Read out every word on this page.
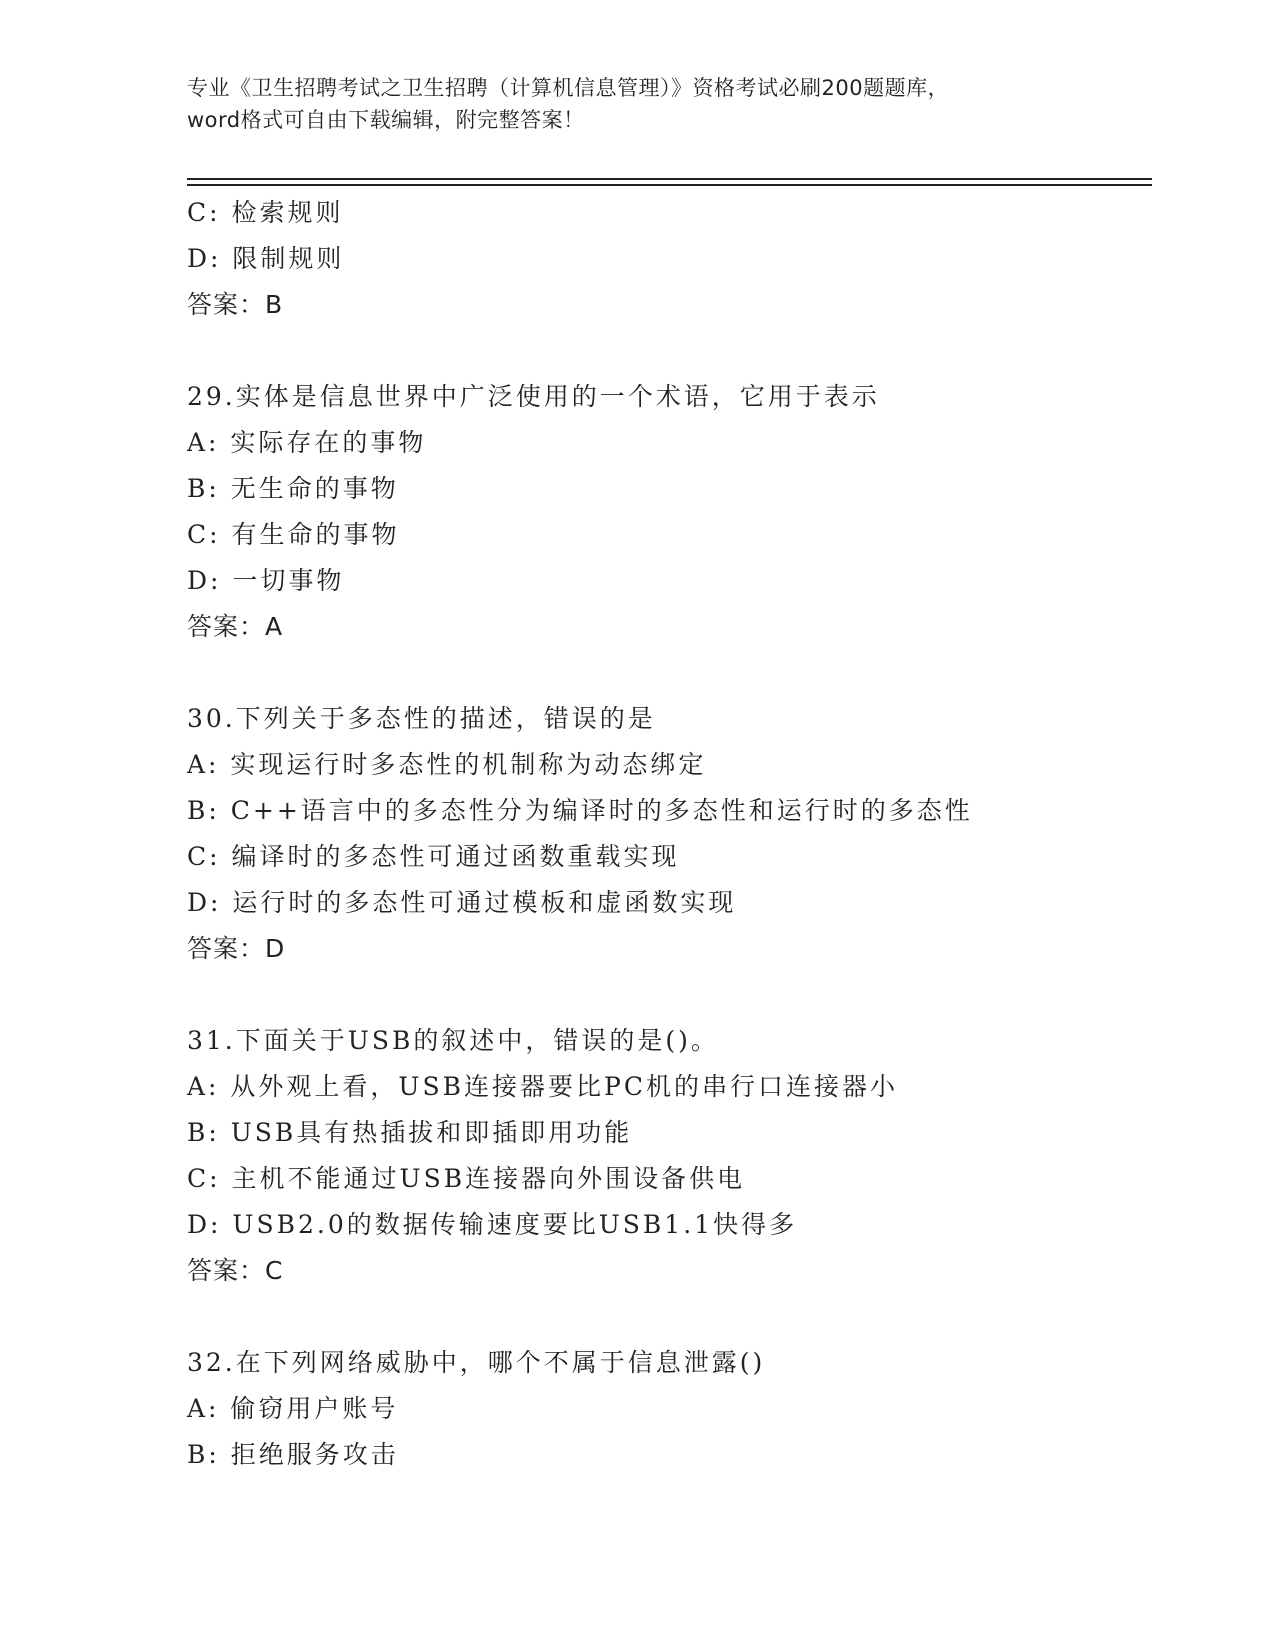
专业《卫生招聘考试之卫生招聘（计算机信息管理）》资格考试必刷200题题库，

word格式可自由下载编辑，附完整答案！

C: 检索规则
D: 限制规则
答案：B
29.实体是信息世界中广泛使用的一个术语，它用于表示
A: 实际存在的事物
B: 无生命的事物
C: 有生命的事物
D: 一切事物
答案：A
30.下列关于多态性的描述，错误的是
A: 实现运行时多态性的机制称为动态绑定
B: C++语言中的多态性分为编译时的多态性和运行时的多态性
C: 编译时的多态性可通过函数重载实现
D: 运行时的多态性可通过模板和虚函数实现
答案：D
31.下面关于USB的叙述中，错误的是()。
A: 从外观上看，USB连接器要比PC机的串行口连接器小
B: USB具有热插拔和即插即用功能
C: 主机不能通过USB连接器向外围设备供电
D: USB2.0的数据传输速度要比USB1.1快得多
答案：C
32.在下列网络威胁中，哪个不属于信息泄露()
A: 偷窃用户账号
B: 拒绝服务攻击
